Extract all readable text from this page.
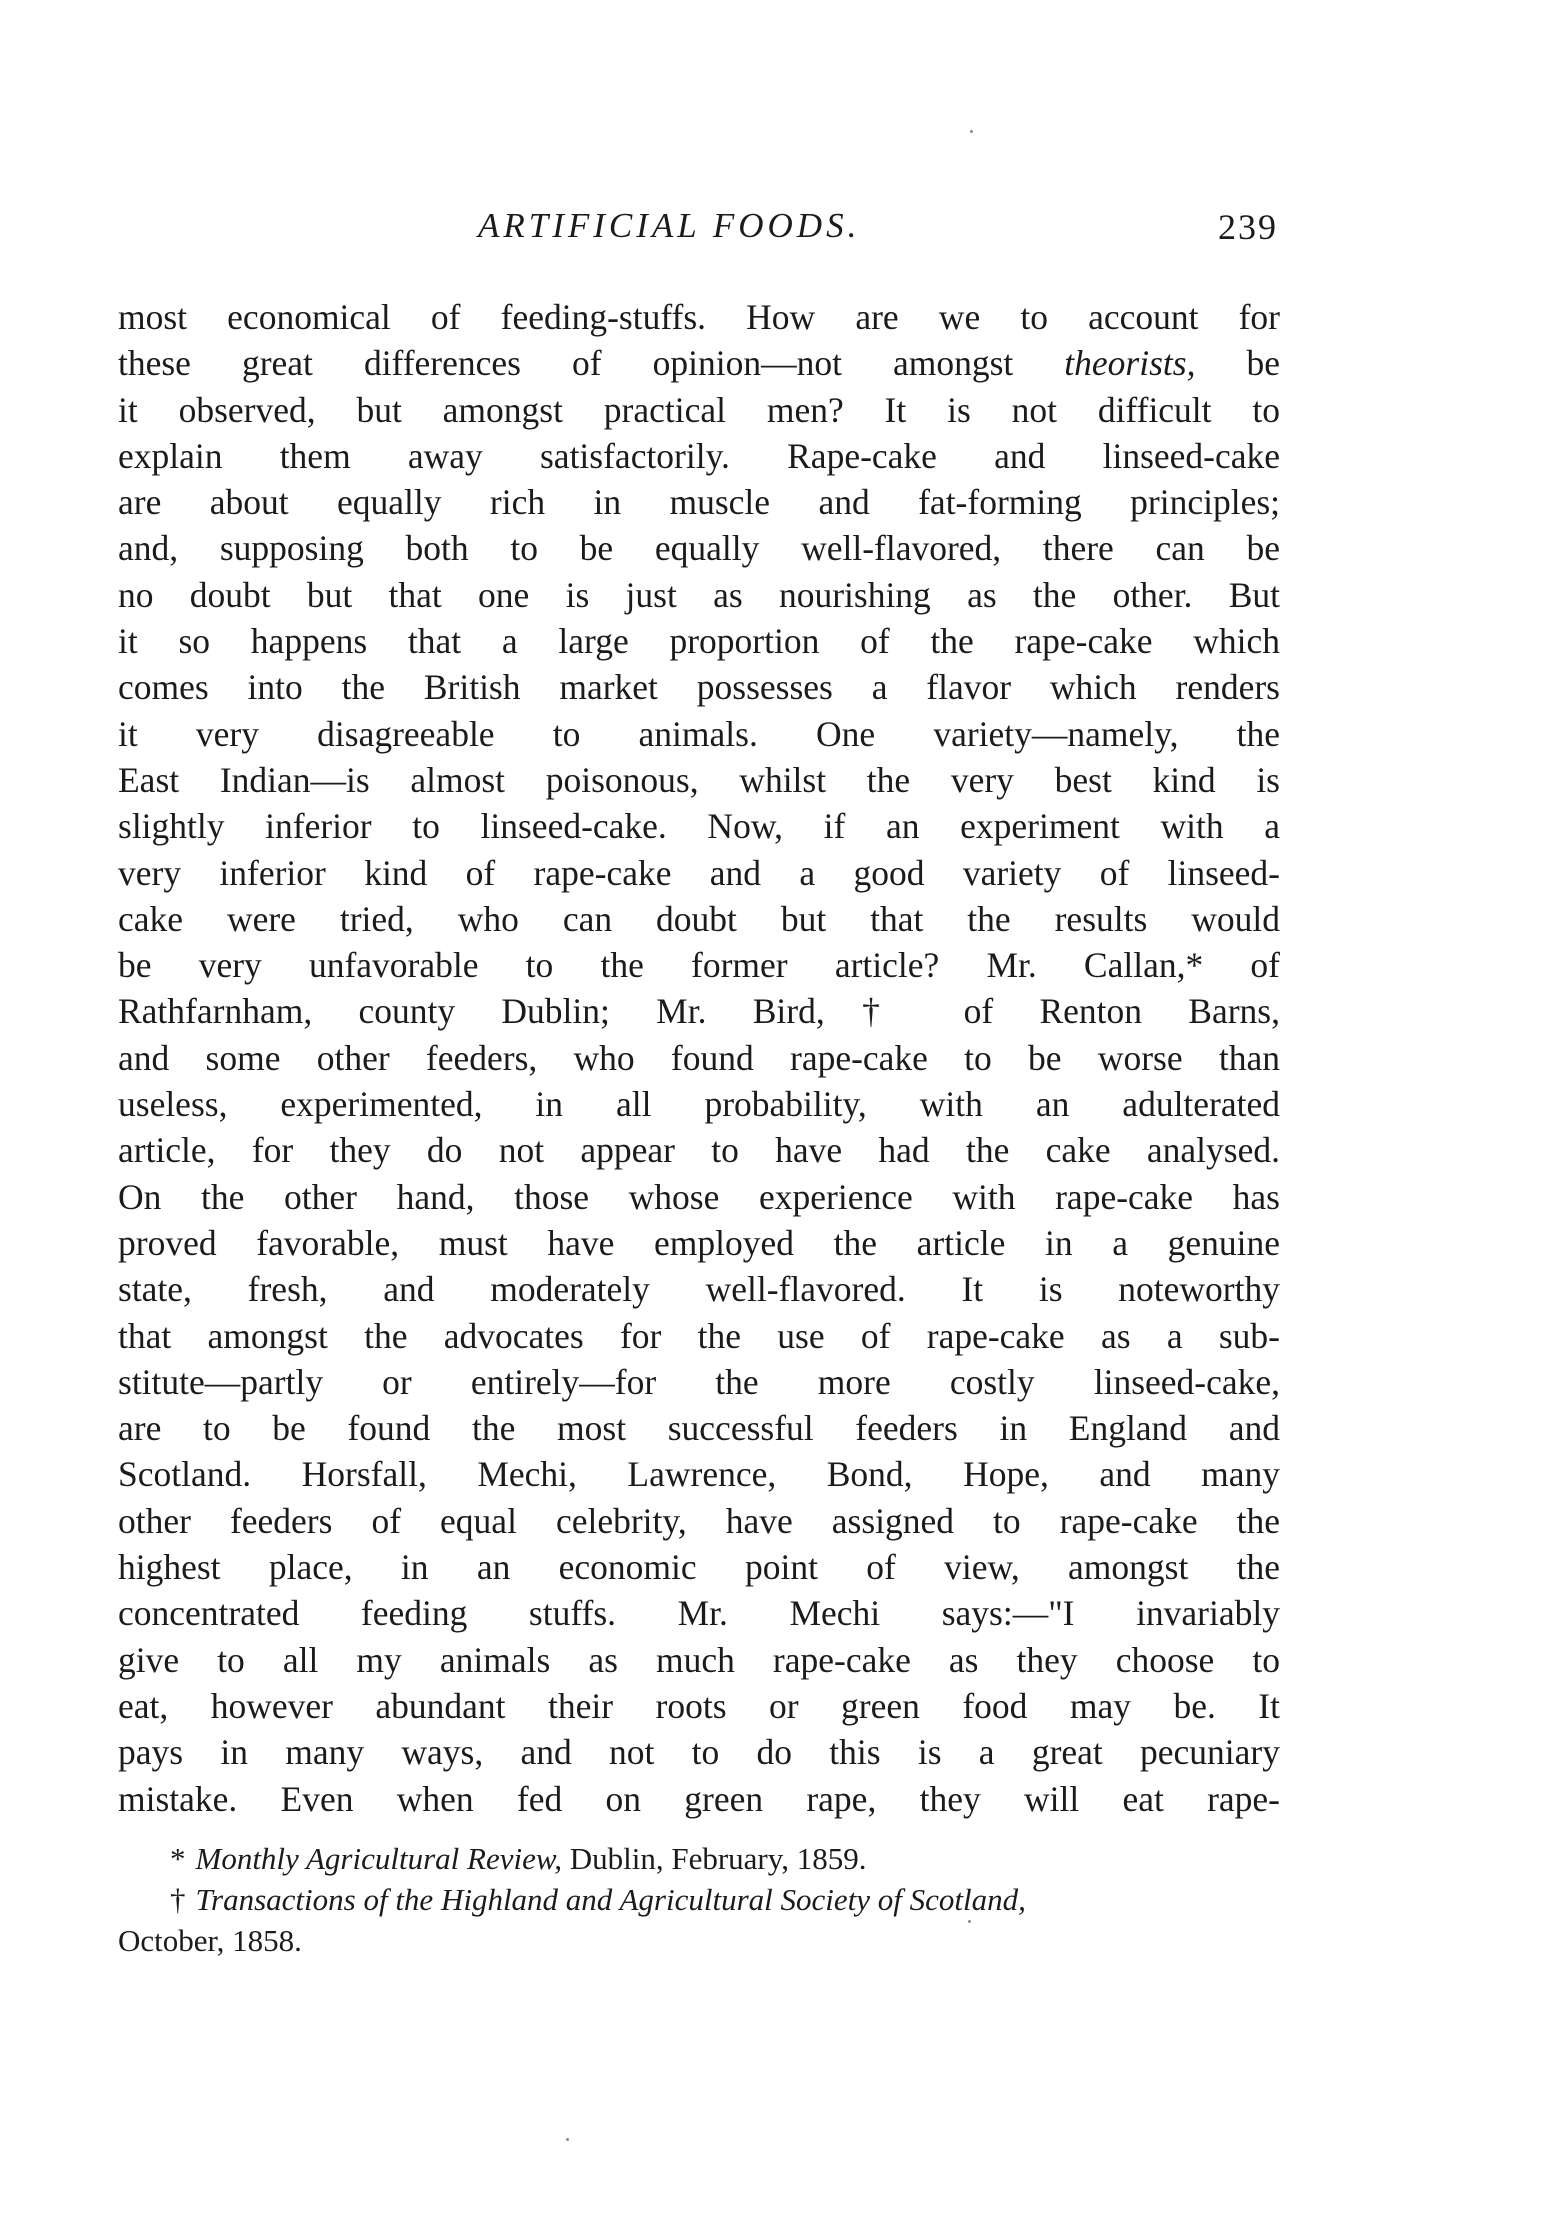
ARTIFICIAL FOODS.	239
most economical of feeding-stuffs. How are we to account for
these great differences of opinion—not amongst theorists, be
it observed, but amongst practical men? It is not difficult to
explain them away satisfactorily. Rape-cake and linseed-cake
are about equally rich in muscle and fat-forming principles;
and, supposing both to be equally well-flavored, there can be
no doubt but that one is just as nourishing as the other. But
it so happens that a large proportion of the rape-cake which
comes into the British market possesses a flavor which renders
it very disagreeable to animals. One variety—namely, the
East Indian—is almost poisonous, whilst the very best kind is
slightly inferior to linseed-cake. Now, if an experiment with a
very inferior kind of rape-cake and a good variety of linseed-
cake were tried, who can doubt but that the results would
be very unfavorable to the former article? Mr. Callan,* of
Rathfarnham, county Dublin; Mr. Bird,† of Renton Barns,
and some other feeders, who found rape-cake to be worse than
useless, experimented, in all probability, with an adulterated
article, for they do not appear to have had the cake analysed.
On the other hand, those whose experience with rape-cake has
proved favorable, must have employed the article in a genuine
state, fresh, and moderately well-flavored. It is noteworthy
that amongst the advocates for the use of rape-cake as a sub-
stitute—partly or entirely—for the more costly linseed-cake,
are to be found the most successful feeders in England and
Scotland. Horsfall, Mechi, Lawrence, Bond, Hope, and many
other feeders of equal celebrity, have assigned to rape-cake the
highest place, in an economic point of view, amongst the
concentrated feeding stuffs. Mr. Mechi says:—"I invariably
give to all my animals as much rape-cake as they choose to
eat, however abundant their roots or green food may be. It
pays in many ways, and not to do this is a great pecuniary
mistake. Even when fed on green rape, they will eat rape-
* Monthly Agricultural Review, Dublin, February, 1859.
† Transactions of the Highland and Agricultural Society of Scotland,
October, 1858.
